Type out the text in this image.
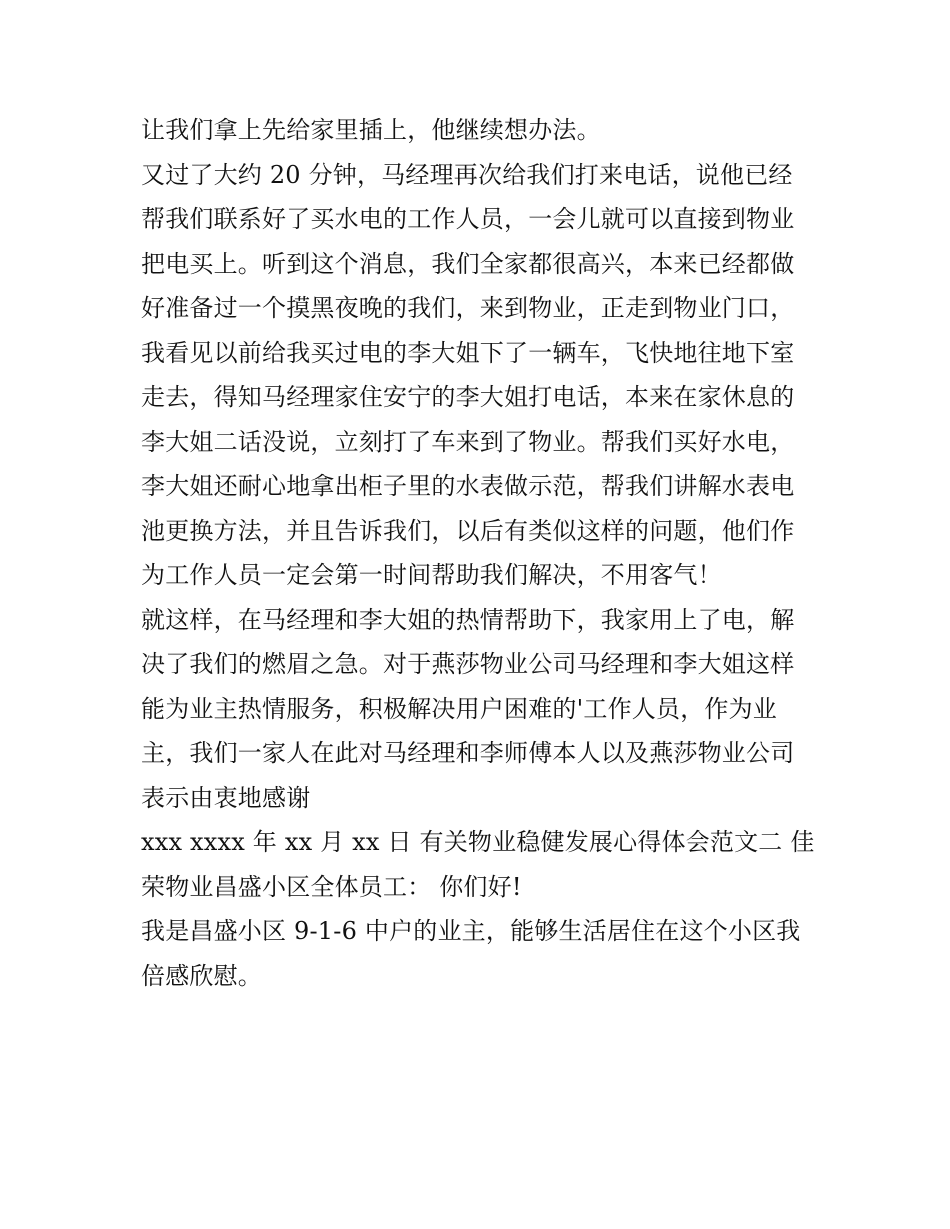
让我们拿上先给家里插上，他继续想办法。
又过了大约 20 分钟，马经理再次给我们打来电话，说他已经
帮我们联系好了买水电的工作人员，一会儿就可以直接到物业
把电买上。听到这个消息，我们全家都很高兴，本来已经都做
好准备过一个摸黑夜晚的我们，来到物业，正走到物业门口，
我看见以前给我买过电的李大姐下了一辆车，飞快地往地下室
走去，得知马经理家住安宁的李大姐打电话，本来在家休息的
李大姐二话没说，立刻打了车来到了物业。帮我们买好水电，
李大姐还耐心地拿出柜子里的水表做示范，帮我们讲解水表电
池更换方法，并且告诉我们，以后有类似这样的问题，他们作
为工作人员一定会第一时间帮助我们解决，不用客气！
就这样，在马经理和李大姐的热情帮助下，我家用上了电，解
决了我们的燃眉之急。对于燕莎物业公司马经理和李大姐这样
能为业主热情服务，积极解决用户困难的'工作人员，作为业
主，我们一家人在此对马经理和李师傅本人以及燕莎物业公司
表示由衷地感谢
xxx xxxx 年 xx 月 xx 日 有关物业稳健发展心得体会范文二 佳
荣物业昌盛小区全体员工： 你们好!
我是昌盛小区 9-1-6 中户的业主，能够生活居住在这个小区我
倍感欣慰。
